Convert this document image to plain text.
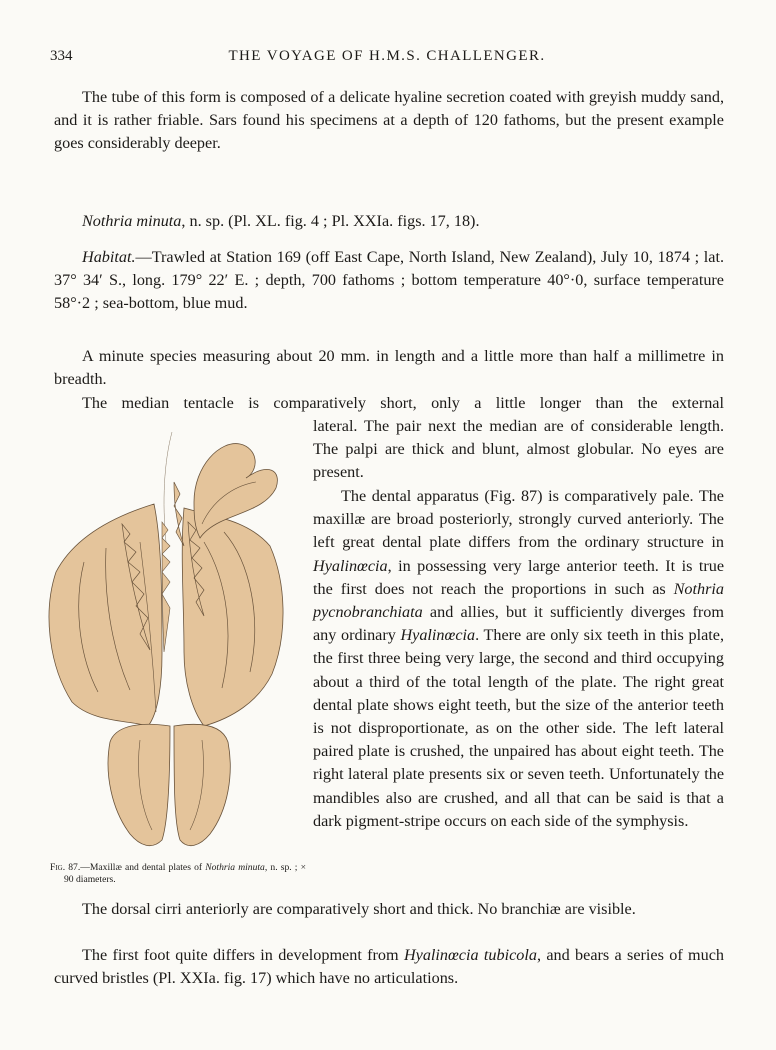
334	THE VOYAGE OF H.M.S. CHALLENGER.

The tube of this form is composed of a delicate hyaline secretion coated with greyish muddy sand, and it is rather friable. Sars found his specimens at a depth of 120 fathoms, but the present example goes considerably deeper.

Nothria minuta, n. sp. (Pl. XL. fig. 4 ; Pl. XXIa. figs. 17, 18).

Habitat.—Trawled at Station 169 (off East Cape, North Island, New Zealand), July 10, 1874 ; lat. 37° 34′ S., long. 179° 22′ E. ; depth, 700 fathoms ; bottom temperature 40°·0, surface temperature 58°·2 ; sea-bottom, blue mud.

A minute species measuring about 20 mm. in length and a little more than half a millimetre in breadth.

The median tentacle is comparatively short, only a little longer than the external

lateral. The pair next the median are of considerable length. The palpi are thick and blunt, almost globular. No eyes are present.

The dental apparatus (Fig. 87) is comparatively pale. The maxillæ are broad posteriorly, strongly curved anteriorly. The left great dental plate differs from the ordinary structure in Hyalinœcia, in possessing very large anterior teeth. It is true the first does not reach the proportions in such as Nothria pycnobranchiata and allies, but it sufficiently diverges from any ordinary Hyalinœcia. There are only six teeth in this plate, the first three being very large, the second and third occupying about a third of the total length of the plate. The right great dental plate shows eight teeth, but the size of the anterior teeth is not disproportionate, as on the other side. The left lateral paired plate is crushed, the unpaired has about eight teeth. The right lateral plate presents six or seven teeth. Unfortunately the mandibles also are crushed, and all that can be said is that a dark pigment-stripe occurs on each side of the symphysis.

Fig. 87.—Maxillæ and dental plates of Nothria minuta, n. sp. ; × 90 diameters.

The dorsal cirri anteriorly are comparatively short and thick. No branchiæ are visible.

The first foot quite differs in development from Hyalinœcia tubicola, and bears a series of much curved bristles (Pl. XXIa. fig. 17) which have no articulations.
